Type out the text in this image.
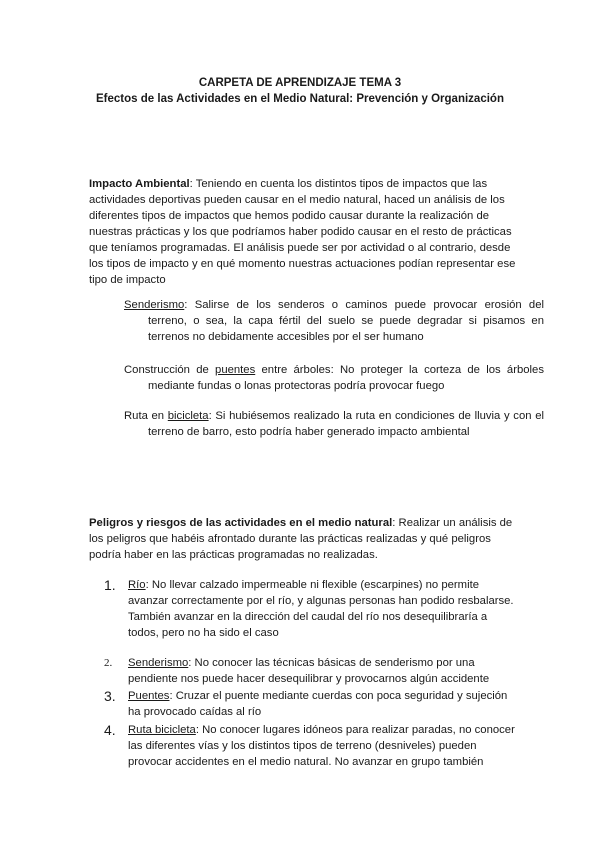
CARPETA DE APRENDIZAJE TEMA 3
Efectos de las Actividades en el Medio Natural: Prevención y Organización
Impacto Ambiental: Teniendo en cuenta los distintos tipos de impactos que las actividades deportivas pueden causar en el medio natural, haced un análisis de los diferentes tipos de impactos que hemos podido causar durante la realización de nuestras prácticas y los que podríamos haber podido causar en el resto de prácticas que teníamos programadas. El análisis puede ser por actividad o al contrario, desde los tipos de impacto y en qué momento nuestras actuaciones podían representar ese tipo de impacto
Senderismo: Salirse de los senderos o caminos puede provocar erosión del terreno, o sea, la capa fértil del suelo se puede degradar si pisamos en terrenos no debidamente accesibles por el ser humano
Construcción de puentes entre árboles: No proteger la corteza de los árboles mediante fundas o lonas protectoras podría provocar fuego
Ruta en bicicleta: Si hubiésemos realizado la ruta en condiciones de lluvia y con el terreno de barro, esto podría haber generado impacto ambiental
Peligros y riesgos de las actividades en el medio natural: Realizar un análisis de los peligros que habéis afrontado durante las prácticas realizadas y qué peligros podría haber en las prácticas programadas no realizadas.
1.	Río: No llevar calzado impermeable ni flexible (escarpines) no permite avanzar correctamente por el río, y algunas personas han podido resbalarse. También avanzar en la dirección del caudal del río nos desequilibraría a todos, pero no ha sido el caso
2.	Senderismo: No conocer las técnicas básicas de senderismo por una pendiente nos puede hacer desequilibrar y provocarnos algún accidente
3.	Puentes: Cruzar el puente mediante cuerdas con poca seguridad y sujeción ha provocado caídas al río
4.	Ruta bicicleta: No conocer lugares idóneos para realizar paradas, no conocer las diferentes vías y los distintos tipos de terreno (desniveles) pueden provocar accidentes en el medio natural. No avanzar en grupo también
